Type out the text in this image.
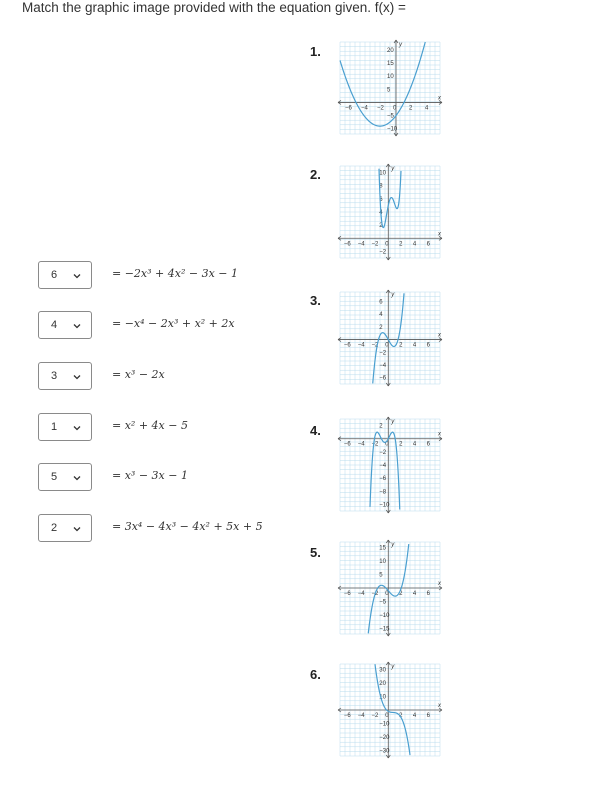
Match the graphic image provided with the equation given. f(x) =
6	= −2x³ + 4x² − 3x − 1
4	= −x⁴ − 2x³ + x² + 2x
3	= x³ − 2x
1	= x² + 4x − 5
5	= x³ − 3x − 1
2	= 3x⁴ − 4x³ − 4x² + 5x + 5
1.
2.
3.
4.
5.
6.
x
y
−6 −4 −2 0 2 4
20
15
10
5
−5
−10
x
y
−6 −4 −2 0 2 4 6
10
8
6
4
2
−2
x
y
−6 −4 −2 0 2 4 6
6
4
2
−2
−4
−6
x
y
−6 −4 −2 0 2 4 6
2
−2
−4
−6
−8
−10
x
y
−6 −4 −2 0 2 4 6
15
10
5
−5
−10
−15
x
y
−6 −4 −2 0 2 4 6
30
20
10
−10
−20
−30
